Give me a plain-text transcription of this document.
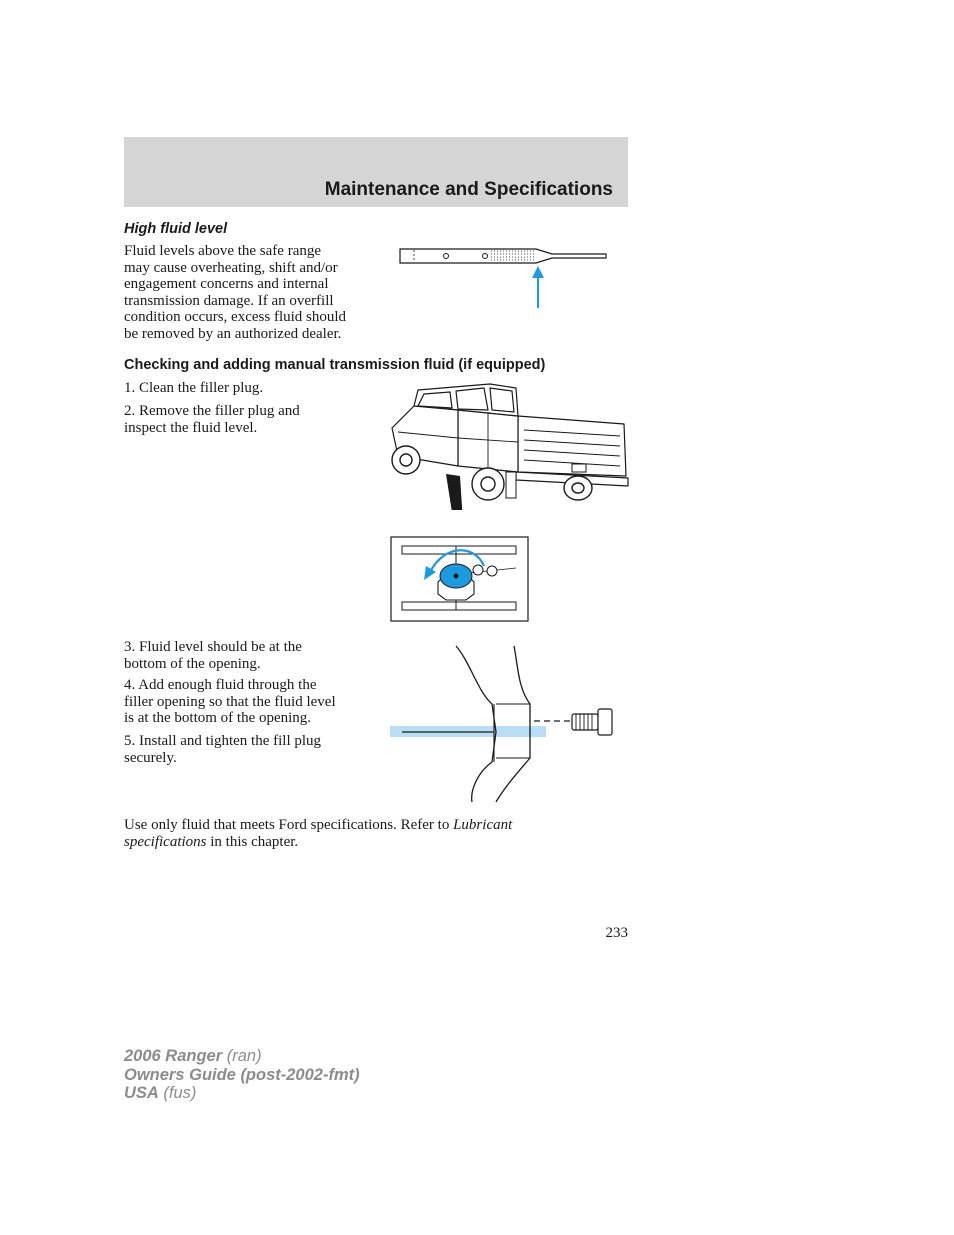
Maintenance and Specifications
High fluid level

Fluid levels above the safe range
may cause overheating, shift and/or
engagement concerns and internal
transmission damage. If an overfill
condition occurs, excess fluid should
be removed by an authorized dealer.

Checking and adding manual transmission fluid (if equipped)

1. Clean the filler plug.

2. Remove the filler plug and
inspect the fluid level.

3. Fluid level should be at the
bottom of the opening.

4. Add enough fluid through the
filler opening so that the fluid level
is at the bottom of the opening.

5. Install and tighten the fill plug
securely.

Use only fluid that meets Ford specifications. Refer to Lubricant
specifications in this chapter.

233
2006 Ranger (ran)
Owners Guide (post-2002-fmt)
USA (fus)
